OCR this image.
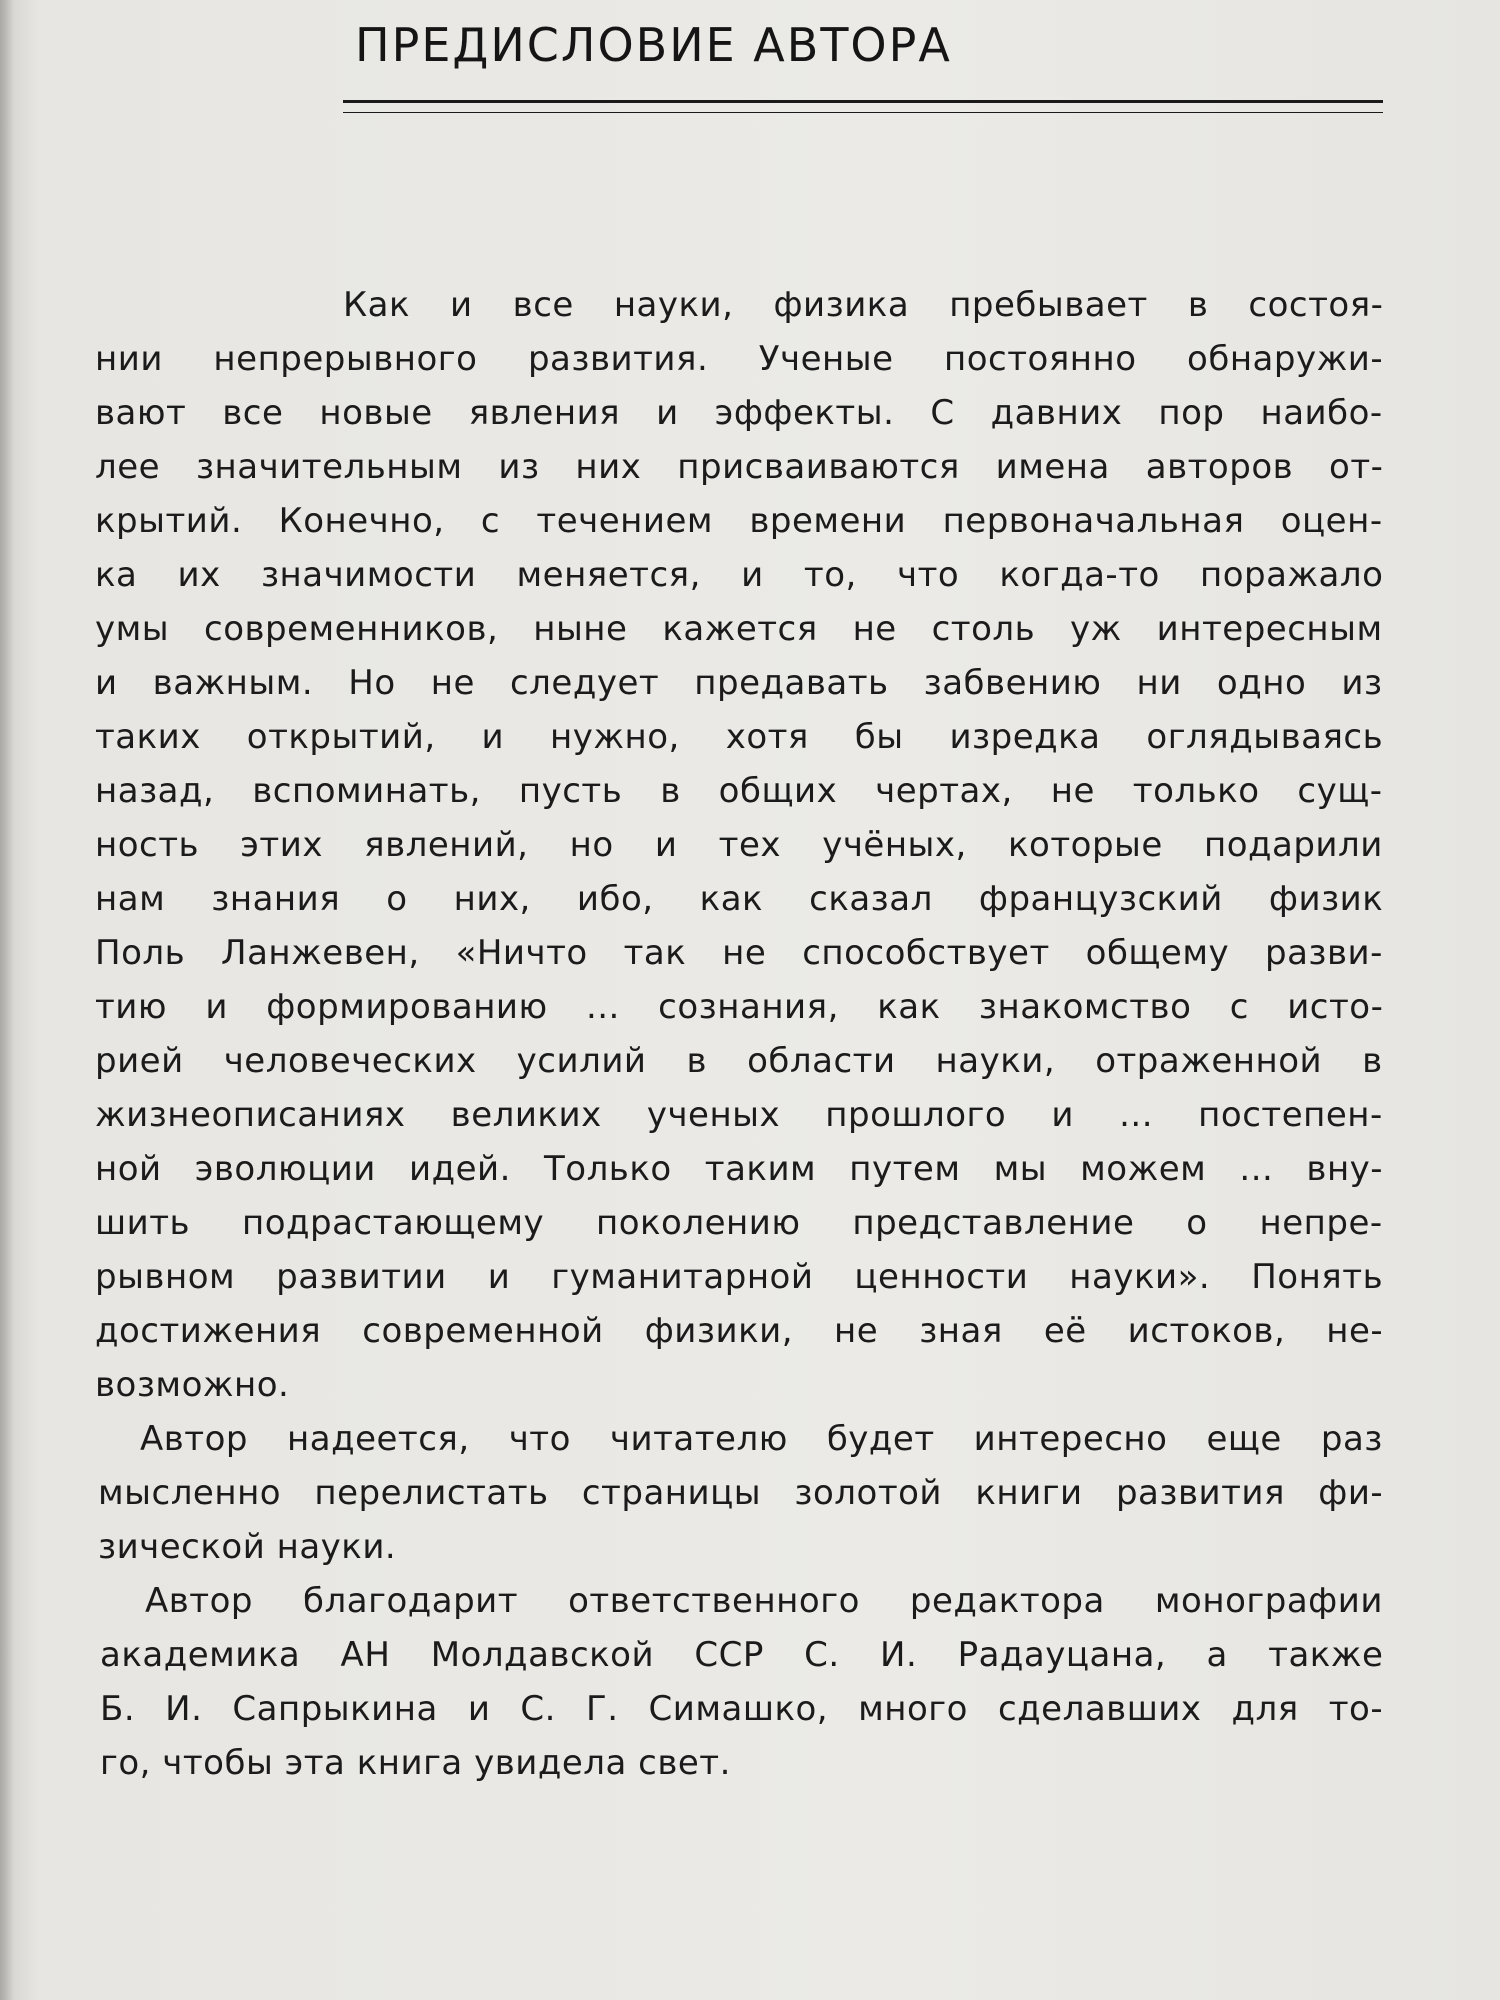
ПРЕДИСЛОВИЕ АВТОРА
Как и все науки, физика пребывает в состоя-
нии непрерывного развития. Ученые постоянно обнаружи-
вают все новые явления и эффекты. С давних пор наибо-
лее значительным из них присваиваются имена авторов от-
крытий. Конечно, с течением времени первоначальная оцен-
ка их значимости меняется, и то, что когда-то поражало
умы современников, ныне кажется не столь уж интересным
и важным. Но не следует предавать забвению ни одно из
таких открытий, и нужно, хотя бы изредка оглядываясь
назад, вспоминать, пусть в общих чертах, не только сущ-
ность этих явлений, но и тех учёных, которые подарили
нам знания о них, ибо, как сказал французский физик
Поль Ланжевен, «Ничто так не способствует общему разви-
тию и формированию ... сознания, как знакомство с исто-
рией человеческих усилий в области науки, отраженной в
жизнеописаниях великих ученых прошлого и ... постепен-
ной эволюции идей. Только таким путем мы можем ... вну-
шить подрастающему поколению представление о непре-
рывном развитии и гуманитарной ценности науки». Понять
достижения современной физики, не зная её истоков, не-
возможно.
Автор надеется, что читателю будет интересно еще раз
мысленно перелистать страницы золотой книги развития фи-
зической науки.
Автор благодарит ответственного редактора монографии
академика АН Молдавской ССР С. И. Радауцана, а также
Б. И. Сапрыкина и С. Г. Симашко, много сделавших для то-
го, чтобы эта книга увидела свет.
